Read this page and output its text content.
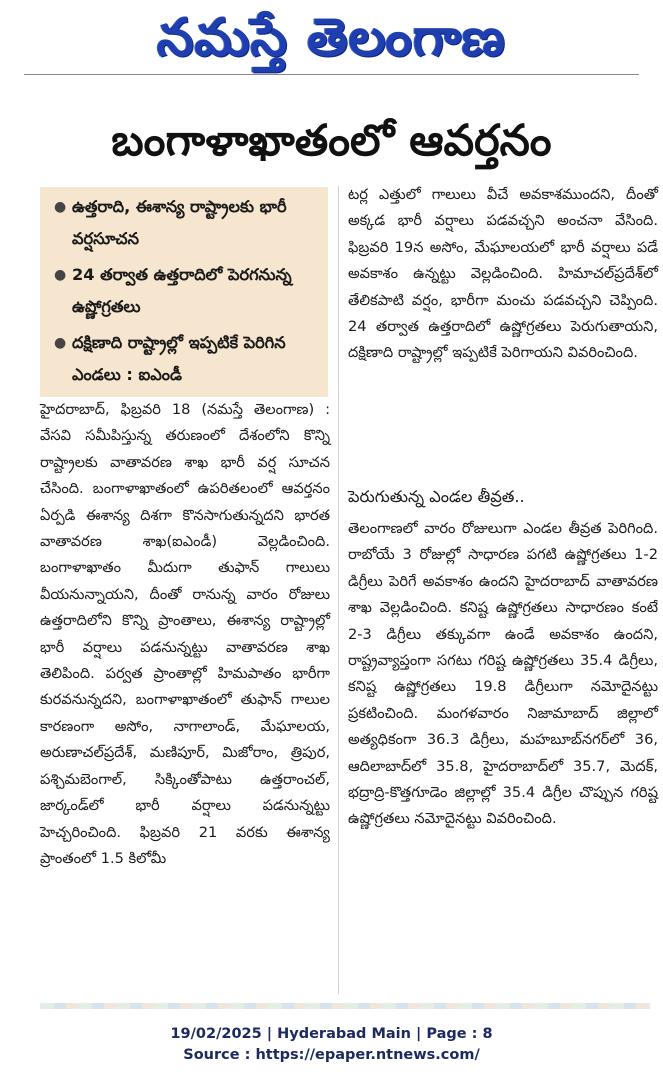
నమస్తే తెలంగాణ
బంగాళాఖాతంలో ఆవర్తనం
● ఉత్తరాది, ఈశాన్య రాష్ట్రాలకు భారీ వర్షసూచన
● 24 తర్వాత ఉత్తరాదిలో పెరగనున్న ఉష్ణోగ్రతలు
● దక్షిణాది రాష్ట్రాల్లో ఇప్పటికే పెరిగిన ఎండలు : ఐఎండీ
హైదరాబాద్, ఫిబ్రవరి 18 (నమస్తే తెలంగాణ) : వేసవి సమీపిస్తున్న తరుణంలో దేశంలోని కొన్ని రాష్ట్రాలకు వాతావరణ శాఖ భారీ వర్ష సూచన చేసింది. బంగాళాఖాతంలో ఉపరితలంలో ఆవర్తనం ఏర్పడి ఈశాన్య దిశగా కొనసాగుతున్నదని భారత వాతావరణ శాఖ(ఐఎండీ) వెల్లడించింది. బంగాళాఖాతం మీదుగా తుఫాన్ గాలులు వీయనున్నాయని, దీంతో రానున్న వారం రోజులు ఉత్తరాదిలోని కొన్ని ప్రాంతాలు, ఈశాన్య రాష్ట్రాల్లో భారీ వర్షాలు పడనున్నట్టు వాతావరణ శాఖ తెలిపింది. పర్వత ప్రాంతాల్లో హిమపాతం భారీగా కురవనున్నదని, బంగాళాఖాతంలో తుఫాన్ గాలుల కారణంగా అసోం, నాగాలాండ్, మేఘాలయ, అరుణాచల్‌ప్రదేశ్, మణిపూర్, మిజోరాం, త్రిపుర, పశ్చిమబెంగాల్, సిక్కింతోపాటు ఉత్తరాంచల్, జార్కండ్‌లో భారీ వర్షాలు పడనున్నట్టు హెచ్చరించింది. ఫిబ్రవరి 21 వరకు ఈశాన్య ప్రాంతంలో 1.5 కిలోమీ
టర్ల ఎత్తులో గాలులు వీచే అవకాశముందని, దీంతో అక్కడ భారీ వర్షాలు పడవచ్చని అంచనా వేసింది. ఫిబ్రవరి 19న అసోం, మేఘాలయలో భారీ వర్షాలు పడే అవకాశం ఉన్నట్టు వెల్లడించింది. హిమాచల్‌ప్రదేశ్‌లో తేలికపాటి వర్షం, భారీగా మంచు పడవచ్చని చెప్పింది. 24 తర్వాత ఉత్తరాదిలో ఉష్ణోగ్రతలు పెరుగుతాయని, దక్షిణాది రాష్ట్రాల్లో ఇప్పటికే పెరిగాయని వివరించింది.
పెరుగుతున్న ఎండల తీవ్రత..
తెలంగాణలో వారం రోజులుగా ఎండల తీవ్రత పెరిగింది. రాబోయే 3 రోజుల్లో సాధారణ పగటి ఉష్ణోగ్రతలు 1-2 డిగ్రీలు పెరిగే అవకాశం ఉందని హైదరాబాద్ వాతావరణ శాఖ వెల్లడించింది. కనిష్ట ఉష్ణోగ్రతలు సాధారణం కంటే 2-3 డిగ్రీలు తక్కువగా ఉండే అవకాశం ఉందని, రాష్ట్రవ్యాప్తంగా సగటు గరిష్ట ఉష్ణోగ్రతలు 35.4 డిగ్రీలు, కనిష్ట ఉష్ణోగ్రతలు 19.8 డిగ్రీలుగా నమోదైనట్టు ప్రకటించింది. మంగళవారం నిజామాబాద్ జిల్లాలో అత్యధికంగా 36.3 డిగ్రీలు, మహబూబ్‌నగర్‌లో 36, ఆదిలాబాద్‌లో 35.8, హైదరాబాద్‌లో 35.7, మెదక్, భద్రాద్రి-కొత్తగూడెం జిల్లాల్లో 35.4 డిగ్రీల చొప్పున గరిష్ట ఉష్ణోగ్రతలు నమోదైనట్టు వివరించింది.
19/02/2025 | Hyderabad Main | Page : 8
Source : https://epaper.ntnews.com/
